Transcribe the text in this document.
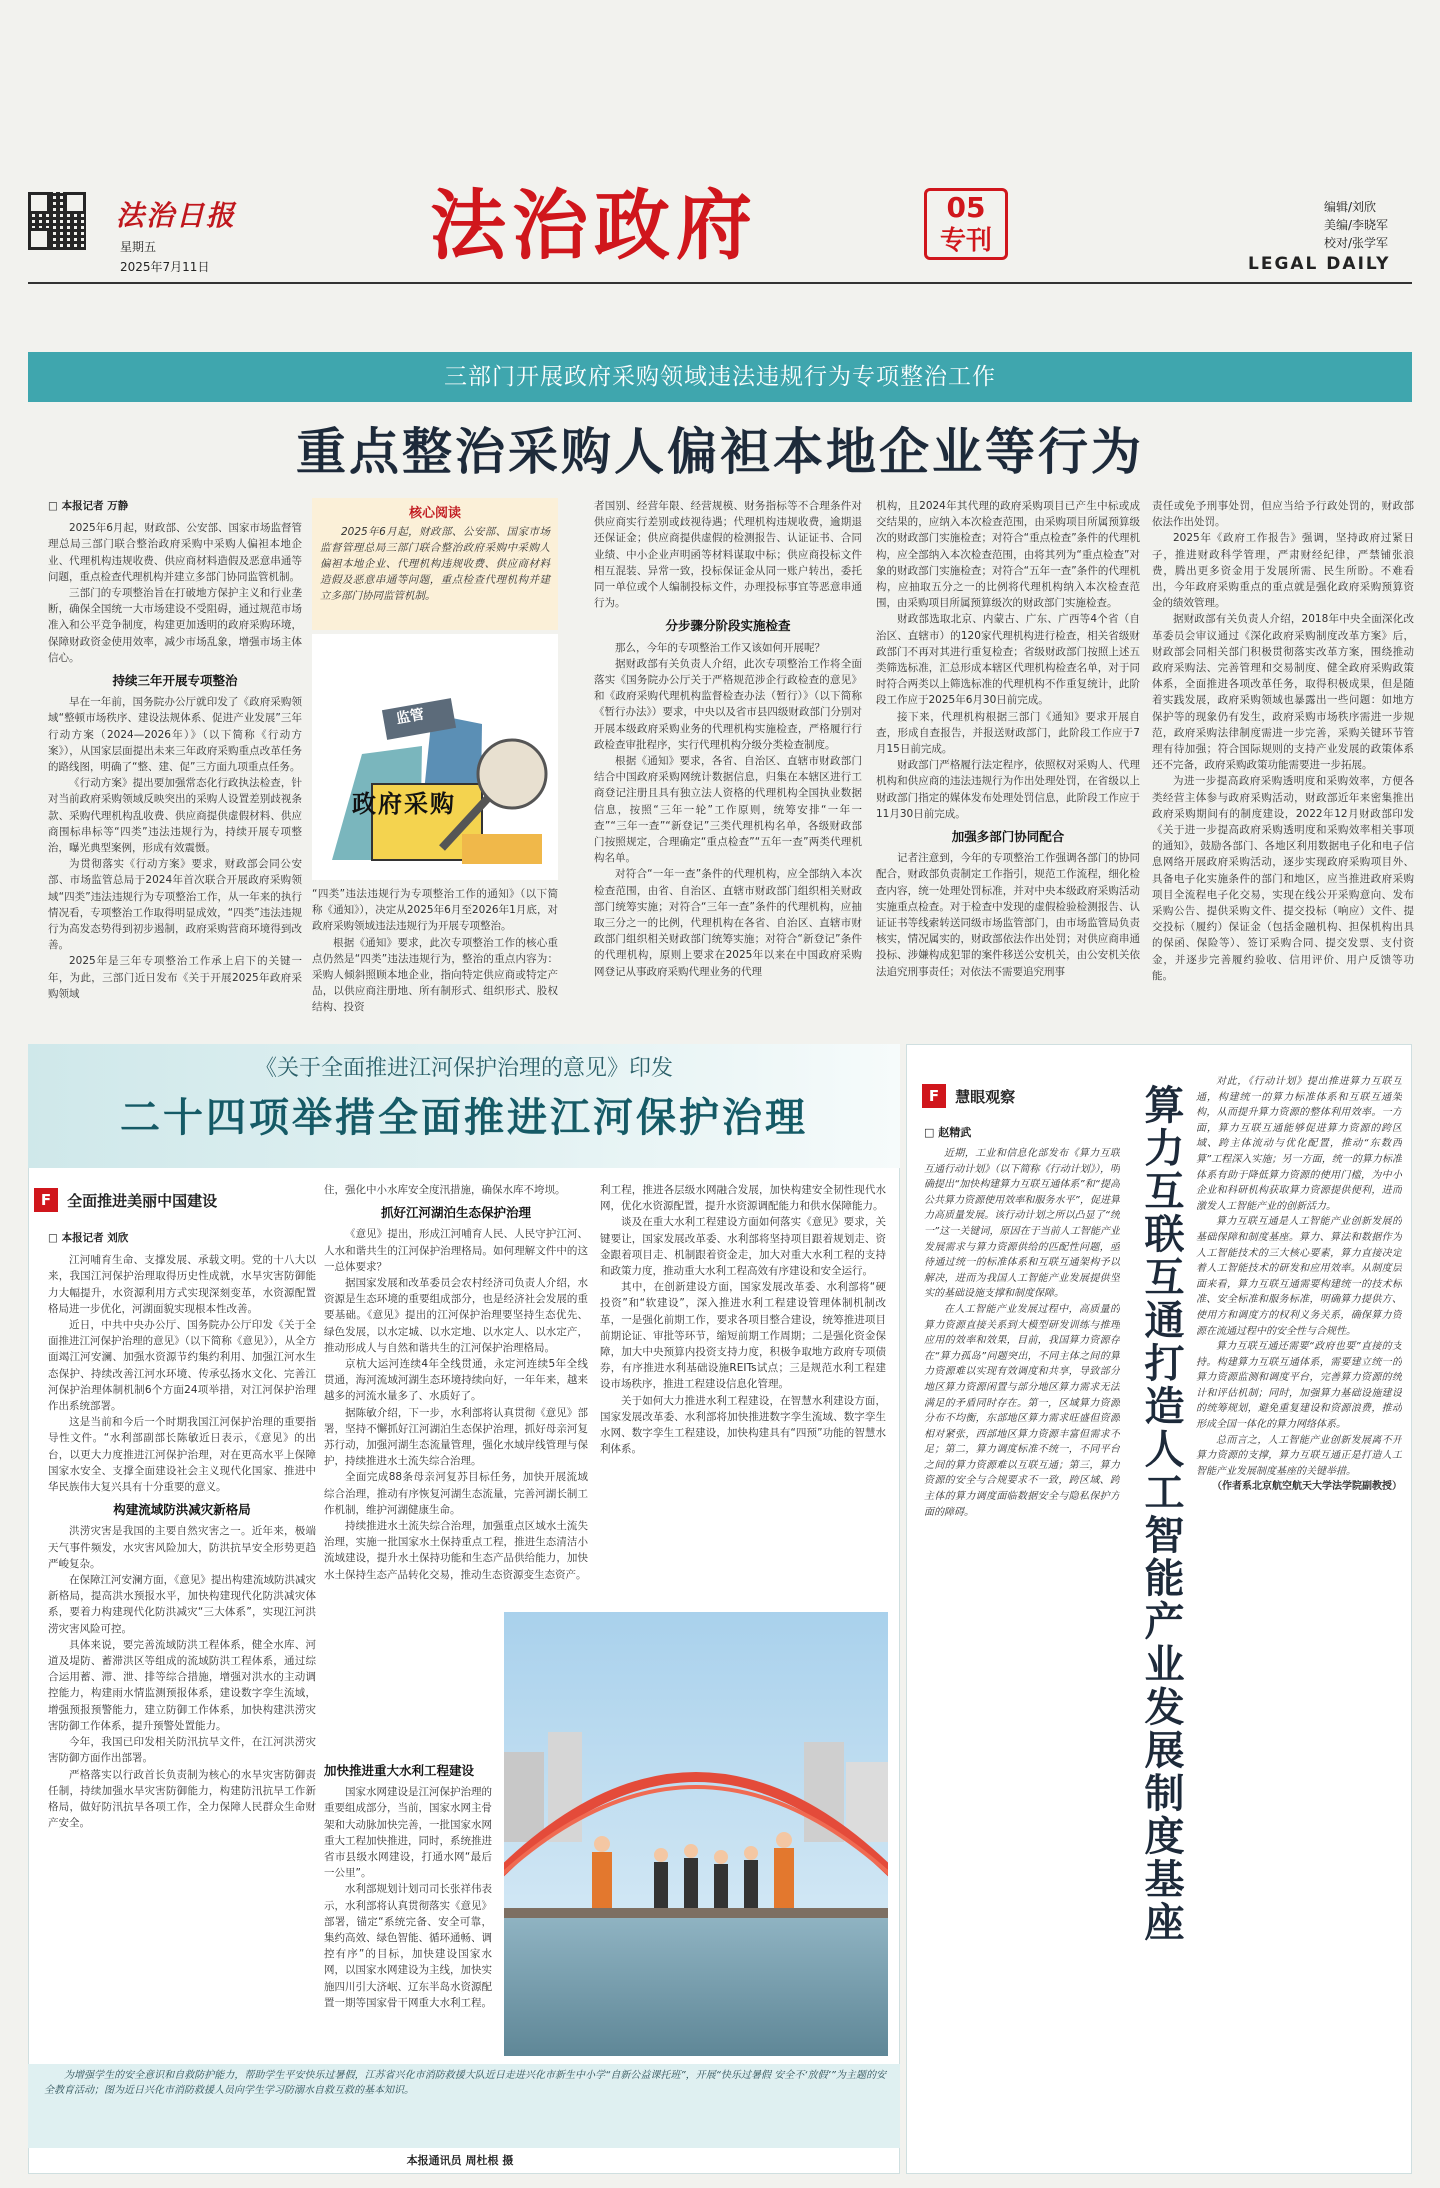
法治日报
星期五
2025年7月11日	法治政府	05
专刊
编辑/刘欣
美编/李晓军
校对/张学军
LEGAL DAILY
三部门开展政府采购领域违法违规行为专项整治工作
重点整治采购人偏袒本地企业等行为
□ 本报记者 万静

2025年6月起，财政部、公安部、国家市场监督管理总局三部门联合整治政府采购中采购人偏袒本地企业、代理机构违规收费、供应商材料造假及恶意串通等问题，重点检查代理机构并建立多部门协同监管机制。

三部门的专项整治旨在打破地方保护主义和行业垄断，确保全国统一大市场建设不受阻碍，通过规范市场准入和公平竞争制度，构建更加透明的政府采购环境，保障财政资金使用效率，减少市场乱象，增强市场主体信心。

持续三年开展专项整治

早在一年前，国务院办公厅就印发了《政府采购领域“整顿市场秩序、建设法规体系、促进产业发展”三年行动方案（2024—2026年）》（以下简称《行动方案》），从国家层面提出未来三年政府采购重点改革任务的路线图，明确了“整、建、促”三方面九项重点任务。

《行动方案》提出要加强常态化行政执法检查，针对当前政府采购领域反映突出的采购人设置差别歧视条款、采购代理机构乱收费、供应商提供虚假材料、供应商围标串标等“四类”违法违规行为，持续开展专项整治，曝光典型案例，形成有效震慑。

为贯彻落实《行动方案》要求，财政部会同公安部、市场监管总局于2024年首次联合开展政府采购领域“四类”违法违规行为专项整治工作，从一年来的执行情况看，专项整治工作取得明显成效，“四类”违法违规行为高发态势得到初步遏制，政府采购营商环境得到改善。

2025年是三年专项整治工作承上启下的关键一年，为此，三部门近日发布《关于开展2025年政府采购领域

核心阅读
2025年6月起，财政部、公安部、国家市场监督管理总局三部门联合整治政府采购中采购人偏袒本地企业、代理机构违规收费、供应商材料造假及恶意串通等问题，重点检查代理机构并建立多部门协同监管机制。
监管
政府采购

“四类”违法违规行为专项整治工作的通知》（以下简称《通知》），决定从2025年6月至2026年1月底，对政府采购领域违法违规行为开展专项整治。

根据《通知》要求，此次专项整治工作的核心重点仍然是“四类”违法违规行为，整治的重点内容为：采购人倾斜照顾本地企业，指向特定供应商或特定产品，以供应商注册地、所有制形式、组织形式、股权结构、投资

者国别、经营年限、经营规模、财务指标等不合理条件对供应商实行差别或歧视待遇；代理机构违规收费，逾期退还保证金；供应商提供虚假的检测报告、认证证书、合同业绩、中小企业声明函等材料谋取中标；供应商投标文件相互混装、异常一致，投标保证金从同一账户转出，委托同一单位或个人编制投标文件，办理投标事宜等恶意串通行为。

分步骤分阶段实施检查

那么，今年的专项整治工作又该如何开展呢？

据财政部有关负责人介绍，此次专项整治工作将全面落实《国务院办公厅关于严格规范涉企行政检查的意见》和《政府采购代理机构监督检查办法（暂行）》（以下简称《暂行办法》）要求，中央以及省市县四级财政部门分别对开展本级政府采购业务的代理机构实施检查，严格履行行政检查审批程序，实行代理机构分级分类检查制度。

根据《通知》要求，各省、自治区、直辖市财政部门结合中国政府采购网统计数据信息，归集在本辖区进行工商登记注册且具有独立法人资格的代理机构全国执业数据信息，按照“三年一轮”工作原则，统筹安排“一年一查”“三年一查”“新登记”三类代理机构名单，各级财政部门按照规定，合理确定“重点检查”“五年一查”两类代理机构名单。

对符合“一年一查”条件的代理机构，应全部纳入本次检查范围，由省、自治区、直辖市财政部门组织相关财政部门统筹实施；对符合“三年一查”条件的代理机构，应抽取三分之一的比例，代理机构在各省、自治区、直辖市财政部门组织相关财政部门统筹实施；对符合“新登记”条件的代理机构，原则上要求在2025年以来在中国政府采购网登记从事政府采购代理业务的代理

机构，且2024年其代理的政府采购项目已产生中标或成交结果的，应纳入本次检查范围，由采购项目所属预算级次的财政部门实施检查；对符合“重点检查”条件的代理机构，应全部纳入本次检查范围，由将其列为“重点检查”对象的财政部门实施检查；对符合“五年一查”条件的代理机构，应抽取五分之一的比例将代理机构纳入本次检查范围，由采购项目所属预算级次的财政部门实施检查。

财政部选取北京、内蒙古、广东、广西等4个省（自治区、直辖市）的120家代理机构进行检查，相关省级财政部门不再对其进行重复检查；省级财政部门按照上述五类筛选标准，汇总形成本辖区代理机构检查名单，对于同时符合两类以上筛选标准的代理机构不作重复统计，此阶段工作应于2025年6月30日前完成。

接下来，代理机构根据三部门《通知》要求开展自查，形成自查报告，并报送财政部门，此阶段工作应于7月15日前完成。

财政部门严格履行法定程序，依照权对采购人、代理机构和供应商的违法违规行为作出处理处罚，在省级以上财政部门指定的媒体发布处理处罚信息，此阶段工作应于11月30日前完成。

加强多部门协同配合

记者注意到，今年的专项整治工作强调各部门的协同配合，财政部负责制定工作指引，规范工作流程，细化检查内容，统一处理处罚标准，并对中央本级政府采购活动实施重点检查。对于检查中发现的虚假检验检测报告、认证证书等线索转送同级市场监管部门，由市场监管局负责核实，情况属实的，财政部依法作出处罚；对供应商串通投标、涉嫌构成犯罪的案件移送公安机关，由公安机关依法追究刑事责任；对依法不需要追究刑事

责任或免予刑事处罚，但应当给予行政处罚的，财政部依法作出处罚。

2025年《政府工作报告》强调，坚持政府过紧日子，推进财政科学管理，严肃财经纪律，严禁铺张浪费，腾出更多资金用于发展所需、民生所盼。不难看出，今年政府采购重点的重点就是强化政府采购预算资金的绩效管理。

据财政部有关负责人介绍，2018年中央全面深化改革委员会审议通过《深化政府采购制度改革方案》后，财政部会同相关部门积极贯彻落实改革方案，围绕推动政府采购法、完善管理和交易制度、健全政府采购政策体系，全面推进各项改革任务，取得积极成果，但是随着实践发展，政府采购领域也暴露出一些问题：如地方保护等的现象仍有发生，政府采购市场秩序需进一步规范，政府采购法律制度需进一步完善，采购关键环节管理有待加强；符合国际规则的支持产业发展的政策体系还不完备，政府采购政策功能需要进一步拓展。

为进一步提高政府采购透明度和采购效率，方便各类经营主体参与政府采购活动，财政部近年来密集推出政府采购期间有的制度建设，2022年12月财政部印发《关于进一步提高政府采购透明度和采购效率相关事项的通知》，鼓励各部门、各地区利用数据电子化和电子信息网络开展政府采购活动，逐步实现政府采购项目外、具备电子化实施条件的部门和地区，应当推进政府采购项目全流程电子化交易，实现在线公开采购意向、发布采购公告、提供采购文件、提交投标（响应）文件、提交投标（履约）保证金（包括金融机构、担保机构出具的保函、保险等）、签订采购合同、提交发票、支付资金，并逐步完善履约验收、信用评价、用户反馈等功能。

《关于全面推进江河保护治理的意见》印发
二十四项举措全面推进江河保护治理
F 全面推进美丽中国建设
□ 本报记者 刘欣

江河哺育生命、支撑发展、承载文明。党的十八大以来，我国江河保护治理取得历史性成就，水旱灾害防御能力大幅提升，水资源利用方式实现深刻变革，水资源配置格局进一步优化，河湖面貌实现根本性改善。

近日，中共中央办公厅、国务院办公厅印发《关于全面推进江河保护治理的意见》（以下简称《意见》），从全方面竭江河安澜、加强水资源节约集约利用、加强江河水生态保护、持续改善江河水环境、传承弘扬水文化、完善江河保护治理体制机制6个方面24项举措，对江河保护治理作出系统部署。

这是当前和今后一个时期我国江河保护治理的重要指导性文件。“水利部副部长陈敏近日表示，《意见》的出台，以更大力度推进江河保护治理，对在更高水平上保障国家水安全、支撑全面建设社会主义现代化国家、推进中华民族伟大复兴具有十分重要的意义。

构建流域防洪减灾新格局

洪涝灾害是我国的主要自然灾害之一。近年来，极端天气事件频发，水灾害风险加大，防洪抗旱安全形势更趋严峻复杂。

在保障江河安澜方面，《意见》提出构建流域防洪减灾新格局，提高洪水预报水平，加快构建现代化防洪减灾体系，要着力构建现代化防洪减灾“三大体系”，实现江河洪涝灾害风险可控。

具体来说，要完善流域防洪工程体系，健全水库、河道及堤防、蓄滞洪区等组成的流域防洪工程体系，通过综合运用蓄、滞、泄、排等综合措施，增强对洪水的主动调控能力，构建雨水情监测预报体系，建设数字孪生流域，增强预报预警能力，建立防御工作体系，加快构建洪涝灾害防御工作体系，提升预警处置能力。

今年，我国已印发相关防汛抗旱文件，在江河洪涝灾害防御方面作出部署。

严格落实以行政首长负责制为核心的水旱灾害防御责任制，持续加强水旱灾害防御能力，构建防汛抗旱工作新格局，做好防汛抗旱各项工作，全力保障人民群众生命财产安全。

住，强化中小水库安全度汛措施，确保水库不垮坝。

抓好江河湖泊生态保护治理

《意见》提出，形成江河哺育人民、人民守护江河、人水和谐共生的江河保护治理格局。如何理解文件中的这一总体要求？

据国家发展和改革委员会农村经济司负责人介绍，水资源是生态环境的重要组成部分，也是经济社会发展的重要基础。《意见》提出的江河保护治理要坚持生态优先、绿色发展，以水定城、以水定地、以水定人、以水定产，推动形成人与自然和谐共生的江河保护治理格局。

京杭大运河连续4年全线贯通，永定河连续5年全线贯通，海河流域河湖生态环境持续向好，一年年来，越来越多的河流水量多了、水质好了。

据陈敏介绍，下一步，水利部将认真贯彻《意见》部署，坚持不懈抓好江河湖泊生态保护治理，抓好母亲河复苏行动，加强河湖生态流量管理，强化水域岸线管理与保护，持续推进水土流失综合治理。

全面完成88条母亲河复苏目标任务，加快开展流域综合治理，推动有序恢复河湖生态流量，完善河湖长制工作机制，维护河湖健康生命。

持续推进水土流失综合治理，加强重点区域水土流失治理，实施一批国家水土保持重点工程，推进生态清洁小流域建设，提升水土保持功能和生态产品供给能力，加快水土保持生态产品转化交易，推动生态资源变生态资产。

加快推进重大水利工程建设

国家水网建设是江河保护治理的重要组成部分，当前，国家水网主骨架和大动脉加快完善，一批国家水网重大工程加快推进，同时，系统推进省市县级水网建设，打通水网“最后一公里”。

水利部规划计划司司长张祥伟表示，水利部将认真贯彻落实《意见》部署，锚定“系统完备、安全可靠，集约高效、绿色智能、循环通畅、调控有序”的目标，加快建设国家水网，以国家水网建设为主线，加快实施四川引大济岷、辽东半岛水资源配置一期等国家骨干网重大水利工程。

利工程，推进各层级水网融合发展，加快构建安全韧性现代水网，优化水资源配置，提升水资源调配能力和供水保障能力。

谈及在重大水利工程建设方面如何落实《意见》要求，关键要让，国家发展改革委、水利部将坚持项目跟着规划走、资金跟着项目走、机制跟着资金走，加大对重大水利工程的支持和政策力度，推动重大水利工程高效有序建设和安全运行。

其中，在创新建设方面，国家发展改革委、水利部将“硬投资”和“软建设”，深入推进水利工程建设管理体制机制改革，一是强化前期工作，要求各项目整合建设，统筹推进项目前期论证、审批等环节，缩短前期工作周期；二是强化资金保障，加大中央预算内投资支持力度，积极争取地方政府专项债券，有序推进水利基础设施REITs试点；三是规范水利工程建设市场秩序，推进工程建设信息化管理。

关于如何大力推进水利工程建设，在智慧水利建设方面，国家发展改革委、水利部将加快推进数字孪生流域、数字孪生水网、数字孪生工程建设，加快构建具有“四预”功能的智慧水利体系。

为增强学生的安全意识和自救防护能力，帮助学生平安快乐过暑假，江苏省兴化市消防救援大队近日走进兴化市新生中小学“自新公益课托班”，开展“快乐过暑假 安全不‘放假’”为主题的安全教育活动；图为近日兴化市消防救援人员向学生学习防溺水自救互救的基本知识。
本报通讯员 周杜根 摄
F 慧眼观察
□ 赵精武	算力互联互通打造人工智能产业发展制度基座

近期，工业和信息化部发布《算力互联互通行动计划》（以下简称《行动计划》），明确提出“加快构建算力互联互通体系”和“提高公共算力资源使用效率和服务水平”，促进算力高质量发展。该行动计划之所以凸显了“统一”这一关键词，原因在于当前人工智能产业发展需求与算力资源供给的匹配性问题，亟待通过统一的标准体系和互联互通架构予以解决，进而为我国人工智能产业发展提供坚实的基础设施支撑和制度保障。

在人工智能产业发展过程中，高质量的算力资源直接关系到大模型研发训练与推理应用的效率和效果，目前，我国算力资源存在“算力孤岛”问题突出，不同主体之间的算力资源难以实现有效调度和共享，导致部分地区算力资源闲置与部分地区算力需求无法满足的矛盾同时存在。第一，区域算力资源分布不均衡，东部地区算力需求旺盛但资源相对紧张，西部地区算力资源丰富但需求不足；第二，算力调度标准不统一，不同平台之间的算力资源难以互联互通；第三，算力资源的安全与合规要求不一致，跨区域、跨主体的算力调度面临数据安全与隐私保护方面的障碍。

对此，《行动计划》提出推进算力互联互通，构建统一的算力标准体系和互联互通架构，从而提升算力资源的整体利用效率。一方面，算力互联互通能够促进算力资源的跨区域、跨主体流动与优化配置，推动“东数西算”工程深入实施；另一方面，统一的算力标准体系有助于降低算力资源的使用门槛，为中小企业和科研机构获取算力资源提供便利，进而激发人工智能产业的创新活力。

算力互联互通是人工智能产业创新发展的基础保障和制度基座。算力、算法和数据作为人工智能技术的三大核心要素，算力直接决定着人工智能技术的研发和应用效率。从制度层面来看，算力互联互通需要构建统一的技术标准、安全标准和服务标准，明确算力提供方、使用方和调度方的权利义务关系，确保算力资源在流通过程中的安全性与合规性。

算力互联互通还需要“政府也要”直接的支持。构建算力互联互通体系，需要建立统一的算力资源监测和调度平台，完善算力资源的统计和评估机制；同时，加强算力基础设施建设的统筹规划，避免重复建设和资源浪费，推动形成全国一体化的算力网络体系。

总而言之，人工智能产业创新发展离不开算力资源的支撑，算力互联互通正是打造人工智能产业发展制度基座的关键举措。

（作者系北京航空航天大学法学院副教授）
